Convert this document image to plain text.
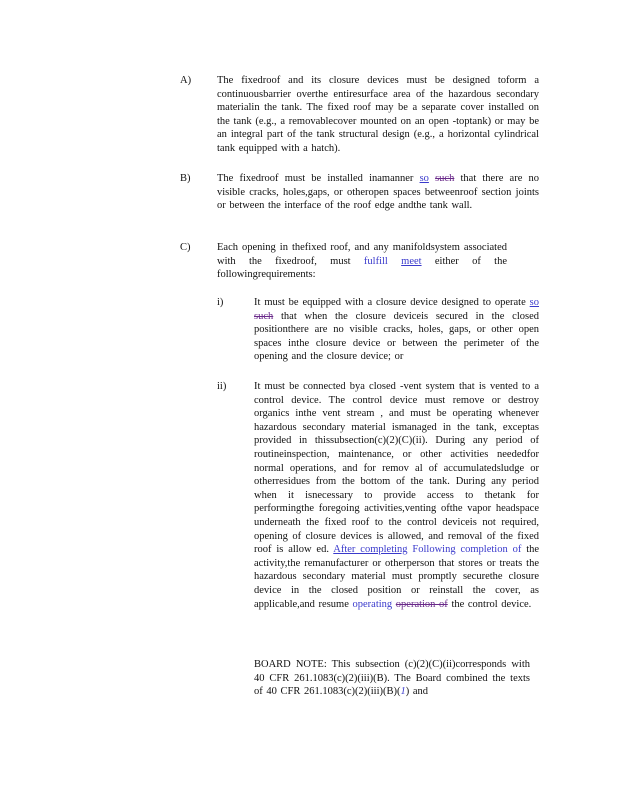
A) The fixedroof and its closure devices must be designed toform a continuousbarrier overthe entiresurface area of the hazardous secondary materialin the tank. The fixed roof may be a separate cover installed on the tank (e.g., a removablecover mounted on an open -toptank) or may be an integral part of the tank structural design (e.g., a horizontal cylindrical tank equipped with a hatch).
B)	The fixedroof must be installed inamanner so such that there are no visible cracks, holes,gaps, or otheropen spaces betweenroof section joints or between the interface of the roof edge andthe tank wall.
C)	Each opening in thefixed roof, and any manifoldsystem associated with the fixedroof, must fulfill meet either of the followingrequirements:
i)	It must be equipped with a closure device designed to operate so such that when the closure deviceis secured in the closed positionthere are no visible cracks, holes, gaps, or other open spaces inthe closure device or between the perimeter of the opening and the closure device; or
ii)	It must be connected bya closed -vent system that is vented to a control device. The control device must remove or destroy organics inthe vent stream , and must be operating whenever hazardous secondary material ismanaged in the tank, exceptas provided in thissubsection(c)(2)(C)(ii). During any period of routineinspection, maintenance, or other activities neededfor normal operations, and for remov al of accumulatedsludge or otherresidues from the bottom of the tank. During any period when it isnecessary to provide access to thetank for performingthe foregoing activities,venting ofthe vapor headspace underneath the fixed roof to the control deviceis not required, opening of closure devices is allowed, and removal of the fixed roof is allow ed. After completing Following completion of the activity,the remanufacturer or otherperson that stores or treats the hazardous secondary material must promptly securethe closure device in the closed position or reinstall the cover, as applicable,and resume operating operation of the control device.
BOARD NOTE: This subsection (c)(2)(C)(ii)corresponds with 40 CFR 261.1083(c)(2)(iii)(B). The Board combined the texts of 40 CFR 261.1083(c)(2)(iii)(B)(1) and
